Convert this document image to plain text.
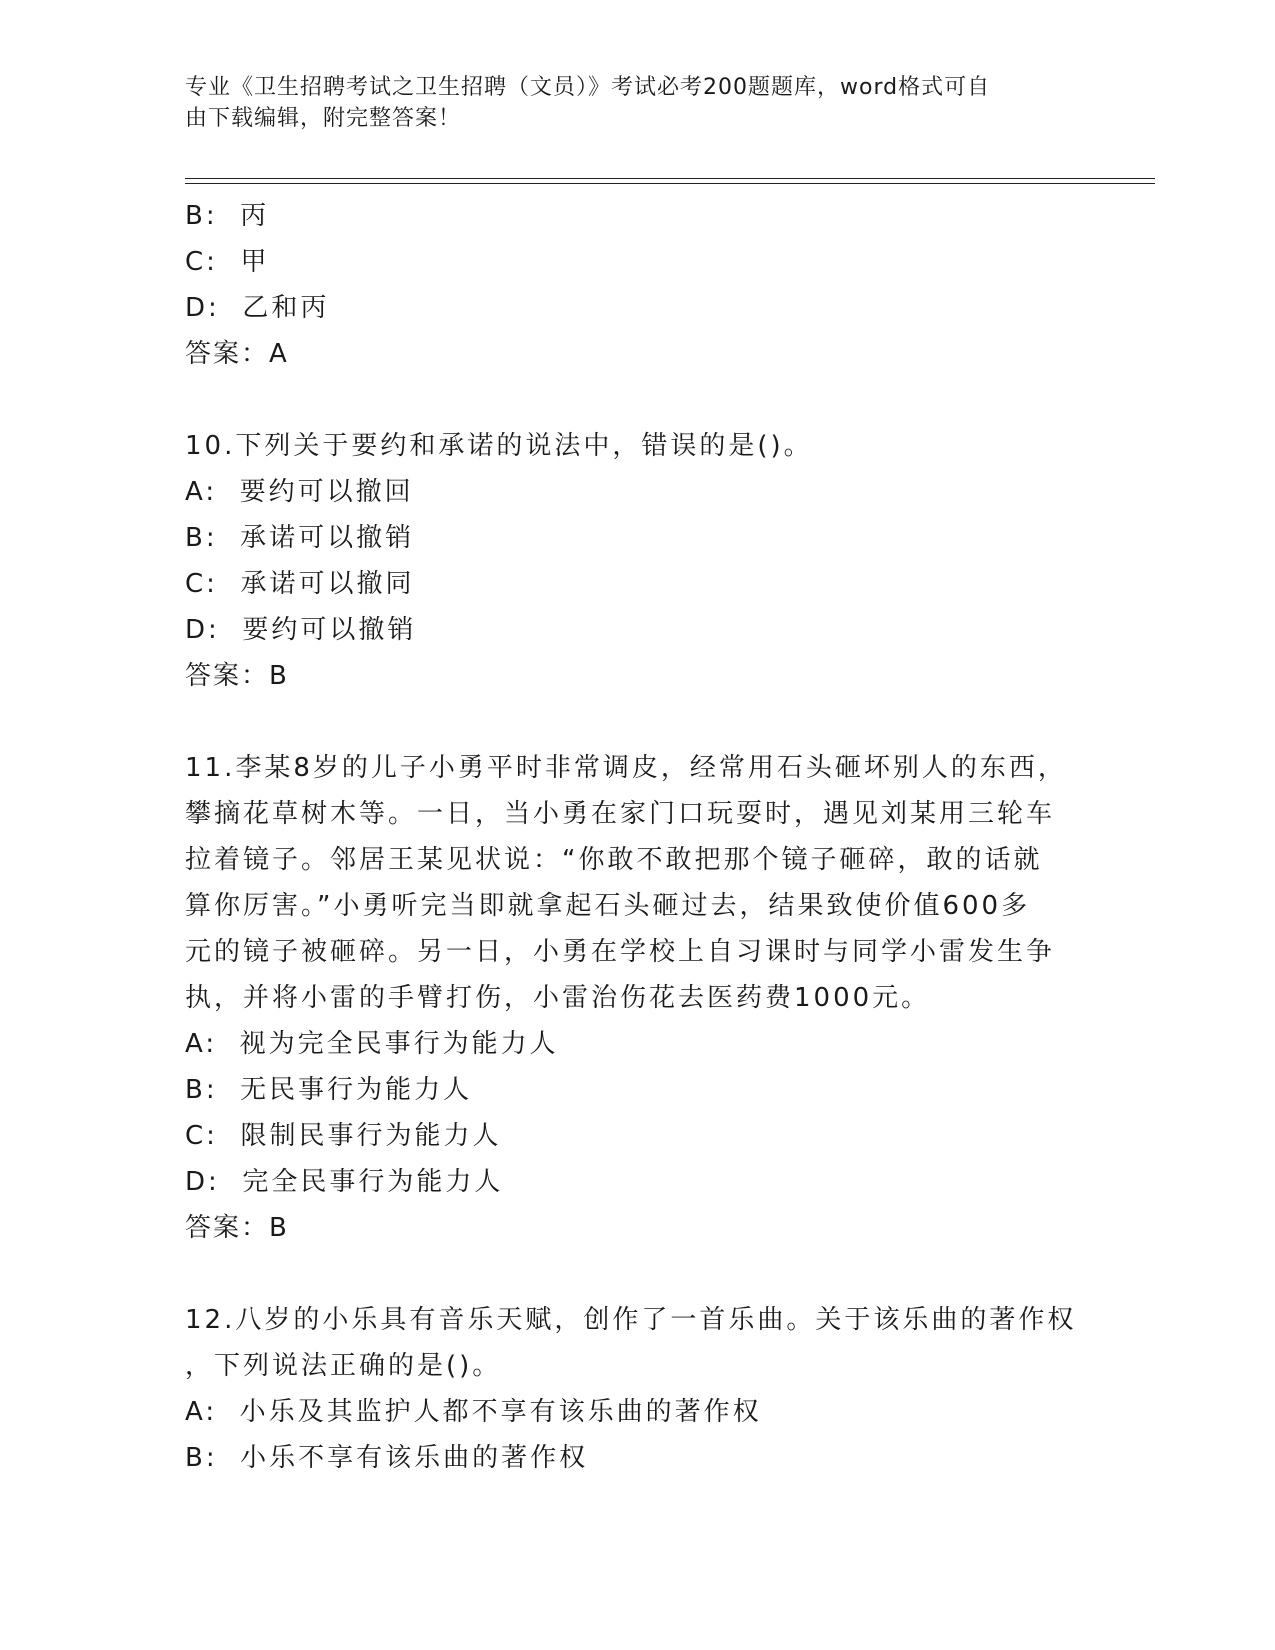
专业《卫生招聘考试之卫生招聘（文员）》考试必考200题题库，word格式可自
由下载编辑，附完整答案！
B:  丙
C:  甲
D:  乙和丙
答案：A
10.下列关于要约和承诺的说法中，错误的是()。
A:  要约可以撤回
B:  承诺可以撤销
C:  承诺可以撤同
D:  要约可以撤销
答案：B
11.李某8岁的儿子小勇平时非常调皮，经常用石头砸坏别人的东西，
攀摘花草树木等。一日，当小勇在家门口玩耍时，遇见刘某用三轮车
拉着镜子。邻居王某见状说：“你敢不敢把那个镜子砸碎，敢的话就
算你厉害。”小勇听完当即就拿起石头砸过去，结果致使价值600多
元的镜子被砸碎。另一日，小勇在学校上自习课时与同学小雷发生争
执，并将小雷的手臂打伤，小雷治伤花去医药费1000元。
A:  视为完全民事行为能力人
B:  无民事行为能力人
C:  限制民事行为能力人
D:  完全民事行为能力人
答案：B
12.八岁的小乐具有音乐天赋，创作了一首乐曲。关于该乐曲的著作权
，下列说法正确的是()。
A:  小乐及其监护人都不享有该乐曲的著作权
B:  小乐不享有该乐曲的著作权
